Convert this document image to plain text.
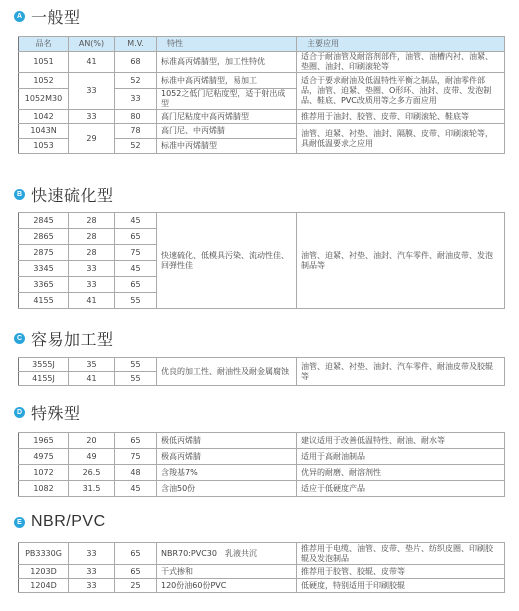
A 一般型
品名	AN(%)	M.V.	特性	主要应用
1051	41	68	标准高丙烯腈型，加工性特优	适合于耐油管及耐溶剂部件，油管、油槽内衬、油紧、垫圈、油封、印刷滚轮等
1052	33	52	标准中高丙烯腈型，易加工	适合于要求耐油及低温特性平衡之制品，耐油零件部品，油管、迫紧、垫圈、O形环、油封、皮带、发泡制品、鞋底、PVC改质用等之多方面应用
1052M30		33	1052之低门尼粘度型，适于射出成型	
1042	33	80	高门尼粘度中高丙烯腈型	推荐用于油封、胶管、皮带、印刷滚轮、鞋底等
1043N	29	78	高门尼、中丙烯腈	油管、迫紧、衬垫、油封、隔膜、皮带、印刷滚轮等，具耐低温要求之应用
1053		52	标准中丙烯腈型	
B 快速硫化型
2845	28	45	快速硫化、低模具污染、流动性佳、回弹性佳	油管、迫紧、衬垫、油封、汽车零件、耐油皮带、发泡制品等
2865	28	65		
2875	28	75		
3345	33	45		
3365	33	65		
4155	41	55		
C 容易加工型
3555J	35	55	优良的加工性、耐油性及耐金属腐蚀	油管、迫紧、衬垫、油封、汽车零件、耐油皮带及胶辊等
4155J	41	55		
D 特殊型
1965	20	65	极低丙烯腈	建议适用于改善低温特性、耐油、耐水等
4975	49	75	极高丙烯腈	适用于高耐油制品
1072	26.5	48	含羧基7%	优异的耐磨、耐溶剂性
1082	31.5	45	含油50份	适应于低硬度产品
E NBR/PVC
PB3330G	33	65	NBR70:PVC30　乳液共沉	推荐用于电缆、油管、皮带、垫片、纺织皮圈、印刷胶辊及发泡制品
1203D	33	65	干式掺和	推荐用于胶管、胶辊、皮带等
1204D	33	25	120份油60份PVC	低硬度，特别适用于印刷胶辊
